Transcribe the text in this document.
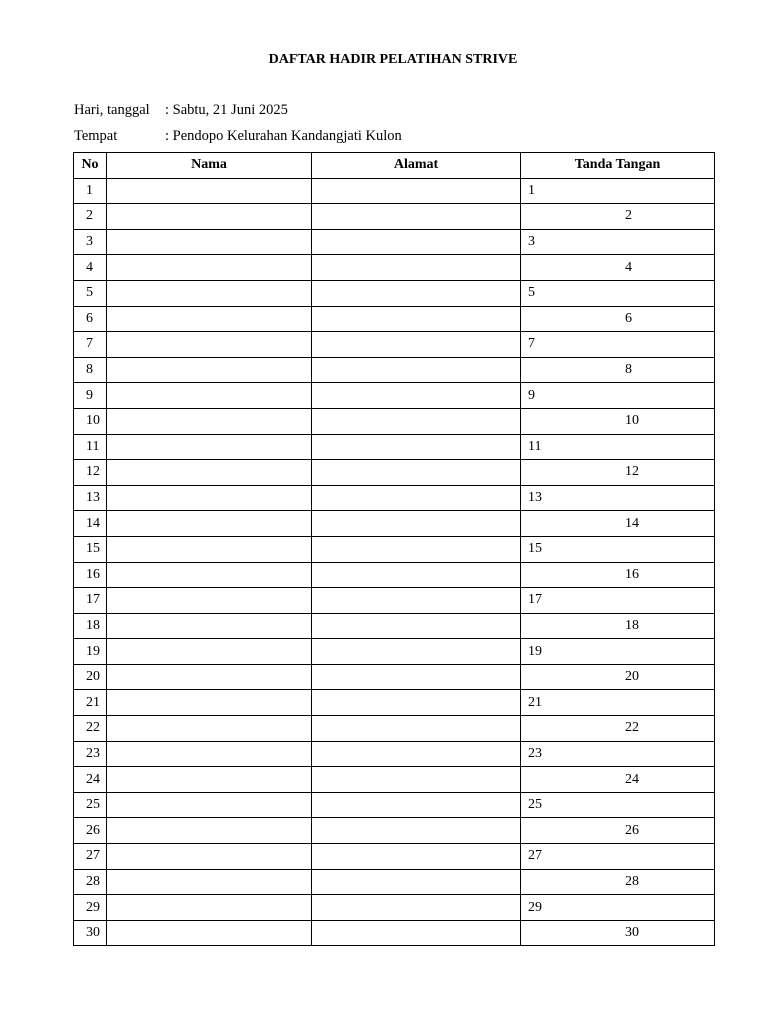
DAFTAR HADIR PELATIHAN STRIVE
Hari, tanggal : Sabtu, 21 Juni 2025
Tempat	: Pendopo Kelurahan Kandangjati Kulon
No	Nama	Alamat	Tanda Tangan
1			1

2			2

3			3

4			4

5			5

6			6

7			7

8			8

9			9

10			10

11			11

12			12

13			13

14			14

15			15

16			16

17			17

18			18

19			19

20			20

21			21

22			22

23			23

24			24

25			25

26			26

27			27

28			28

29			29

30			30
